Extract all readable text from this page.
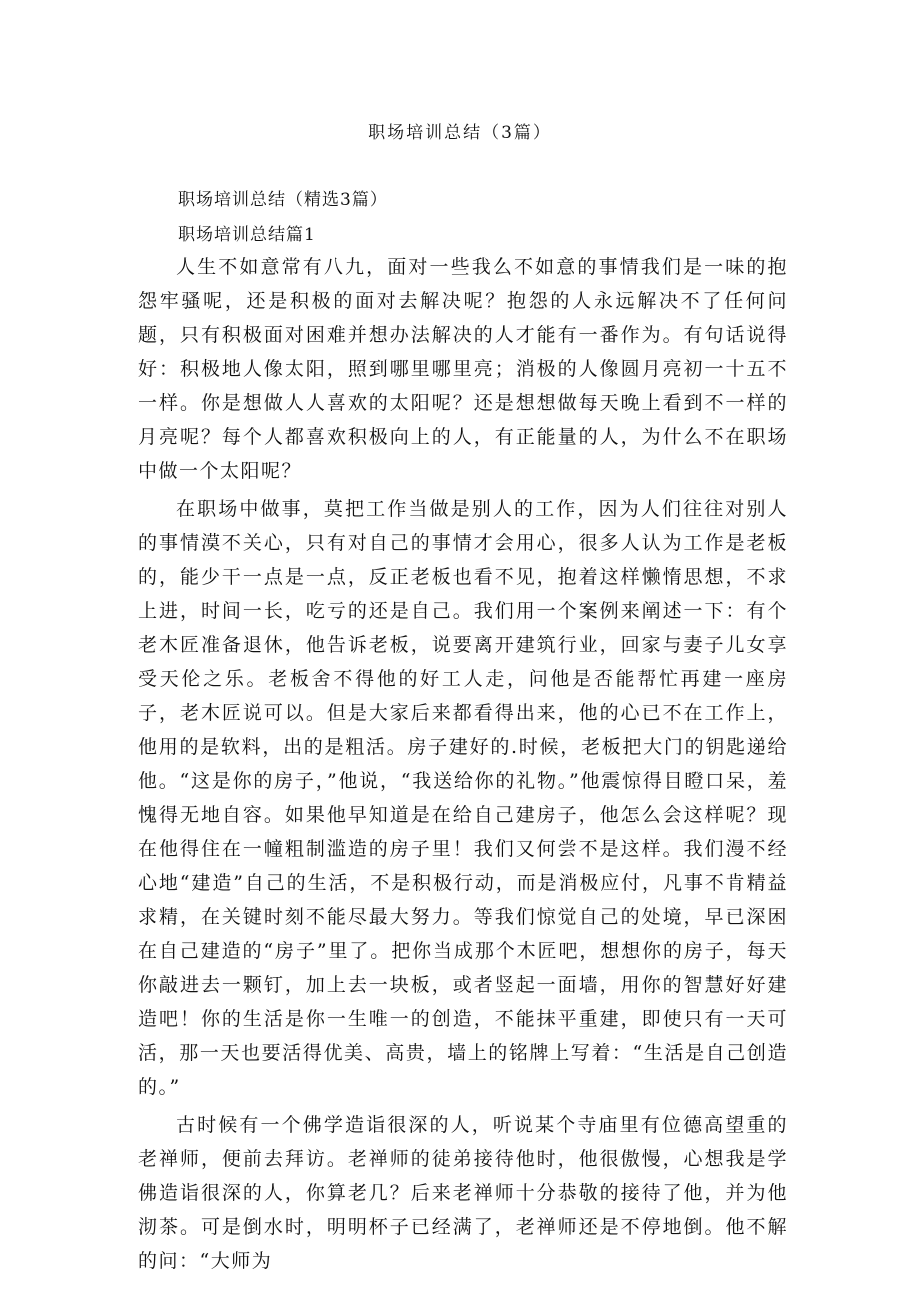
职场培训总结（3篇）

职场培训总结（精选3篇）

职场培训总结篇1

人生不如意常有八九，面对一些我么不如意的事情我们是一味的抱怨牢骚呢，还是积极的面对去解决呢？抱怨的人永远解决不了任何问题，只有积极面对困难并想办法解决的人才能有一番作为。有句话说得好：积极地人像太阳，照到哪里哪里亮；消极的人像圆月亮初一十五不一样。你是想做人人喜欢的太阳呢？还是想想做每天晚上看到不一样的月亮呢？每个人都喜欢积极向上的人，有正能量的人，为什么不在职场中做一个太阳呢？

在职场中做事，莫把工作当做是别人的工作，因为人们往往对别人的事情漠不关心，只有对自己的事情才会用心，很多人认为工作是老板的，能少干一点是一点，反正老板也看不见，抱着这样懒惰思想，不求上进，时间一长，吃亏的还是自己。我们用一个案例来阐述一下：有个老木匠准备退休，他告诉老板，说要离开建筑行业，回家与妻子儿女享受天伦之乐。老板舍不得他的好工人走，问他是否能帮忙再建一座房子，老木匠说可以。但是大家后来都看得出来，他的心已不在工作上，他用的是软料，出的是粗活。房子建好的.时候，老板把大门的钥匙递给他。“这是你的房子，”他说，“我送给你的礼物。”他震惊得目瞪口呆，羞愧得无地自容。如果他早知道是在给自己建房子，他怎么会这样呢？现在他得住在一幢粗制滥造的房子里！我们又何尝不是这样。我们漫不经心地“建造”自己的生活，不是积极行动，而是消极应付，凡事不肯精益求精，在关键时刻不能尽最大努力。等我们惊觉自己的处境，早已深困在自己建造的“房子”里了。把你当成那个木匠吧，想想你的房子，每天你敲进去一颗钉，加上去一块板，或者竖起一面墙，用你的智慧好好建造吧！你的生活是你一生唯一的创造，不能抹平重建，即使只有一天可活，那一天也要活得优美、高贵，墙上的铭牌上写着：“生活是自己创造的。”

古时候有一个佛学造诣很深的人，听说某个寺庙里有位德高望重的老禅师，便前去拜访。老禅师的徒弟接待他时，他很傲慢，心想我是学佛造诣很深的人，你算老几？后来老禅师十分恭敬的接待了他，并为他沏茶。可是倒水时，明明杯子已经满了，老禅师还是不停地倒。他不解的问：“大师为
